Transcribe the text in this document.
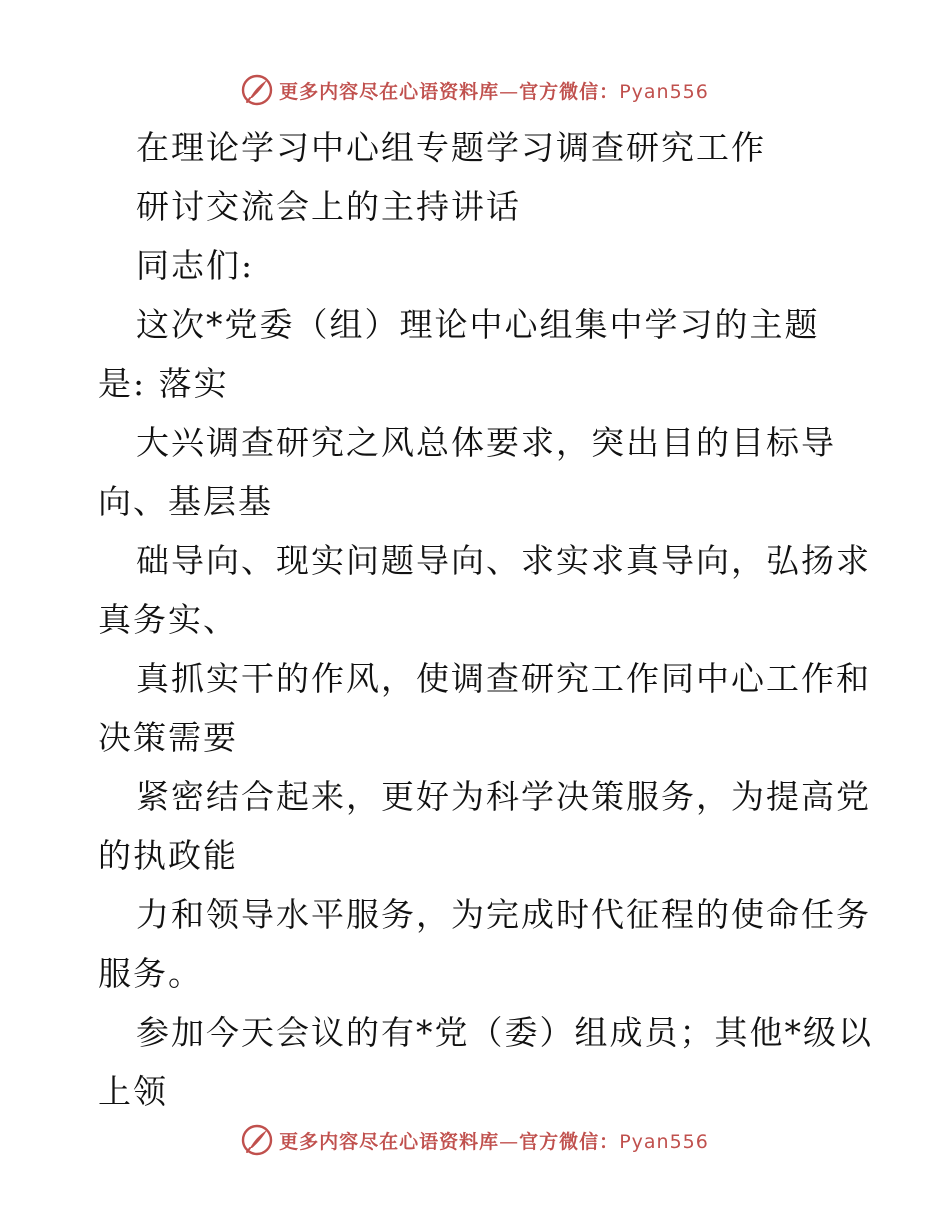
更多内容尽在心语资料库—官方微信：Pyan556
在理论学习中心组专题学习调查研究工作
研讨交流会上的主持讲话
同志们:
这次*党委（组）理论中心组集中学习的主题
是: 落实
大兴调查研究之风总体要求，突出目的目标导
向、基层基
础导向、现实问题导向、求实求真导向，弘扬求
真务实、
真抓实干的作风，使调查研究工作同中心工作和
决策需要
紧密结合起来，更好为科学决策服务，为提高党
的执政能
力和领导水平服务，为完成时代征程的使命任务
服务。
参加今天会议的有*党（委）组成员；其他*级以
上领
更多内容尽在心语资料库—官方微信：Pyan556
